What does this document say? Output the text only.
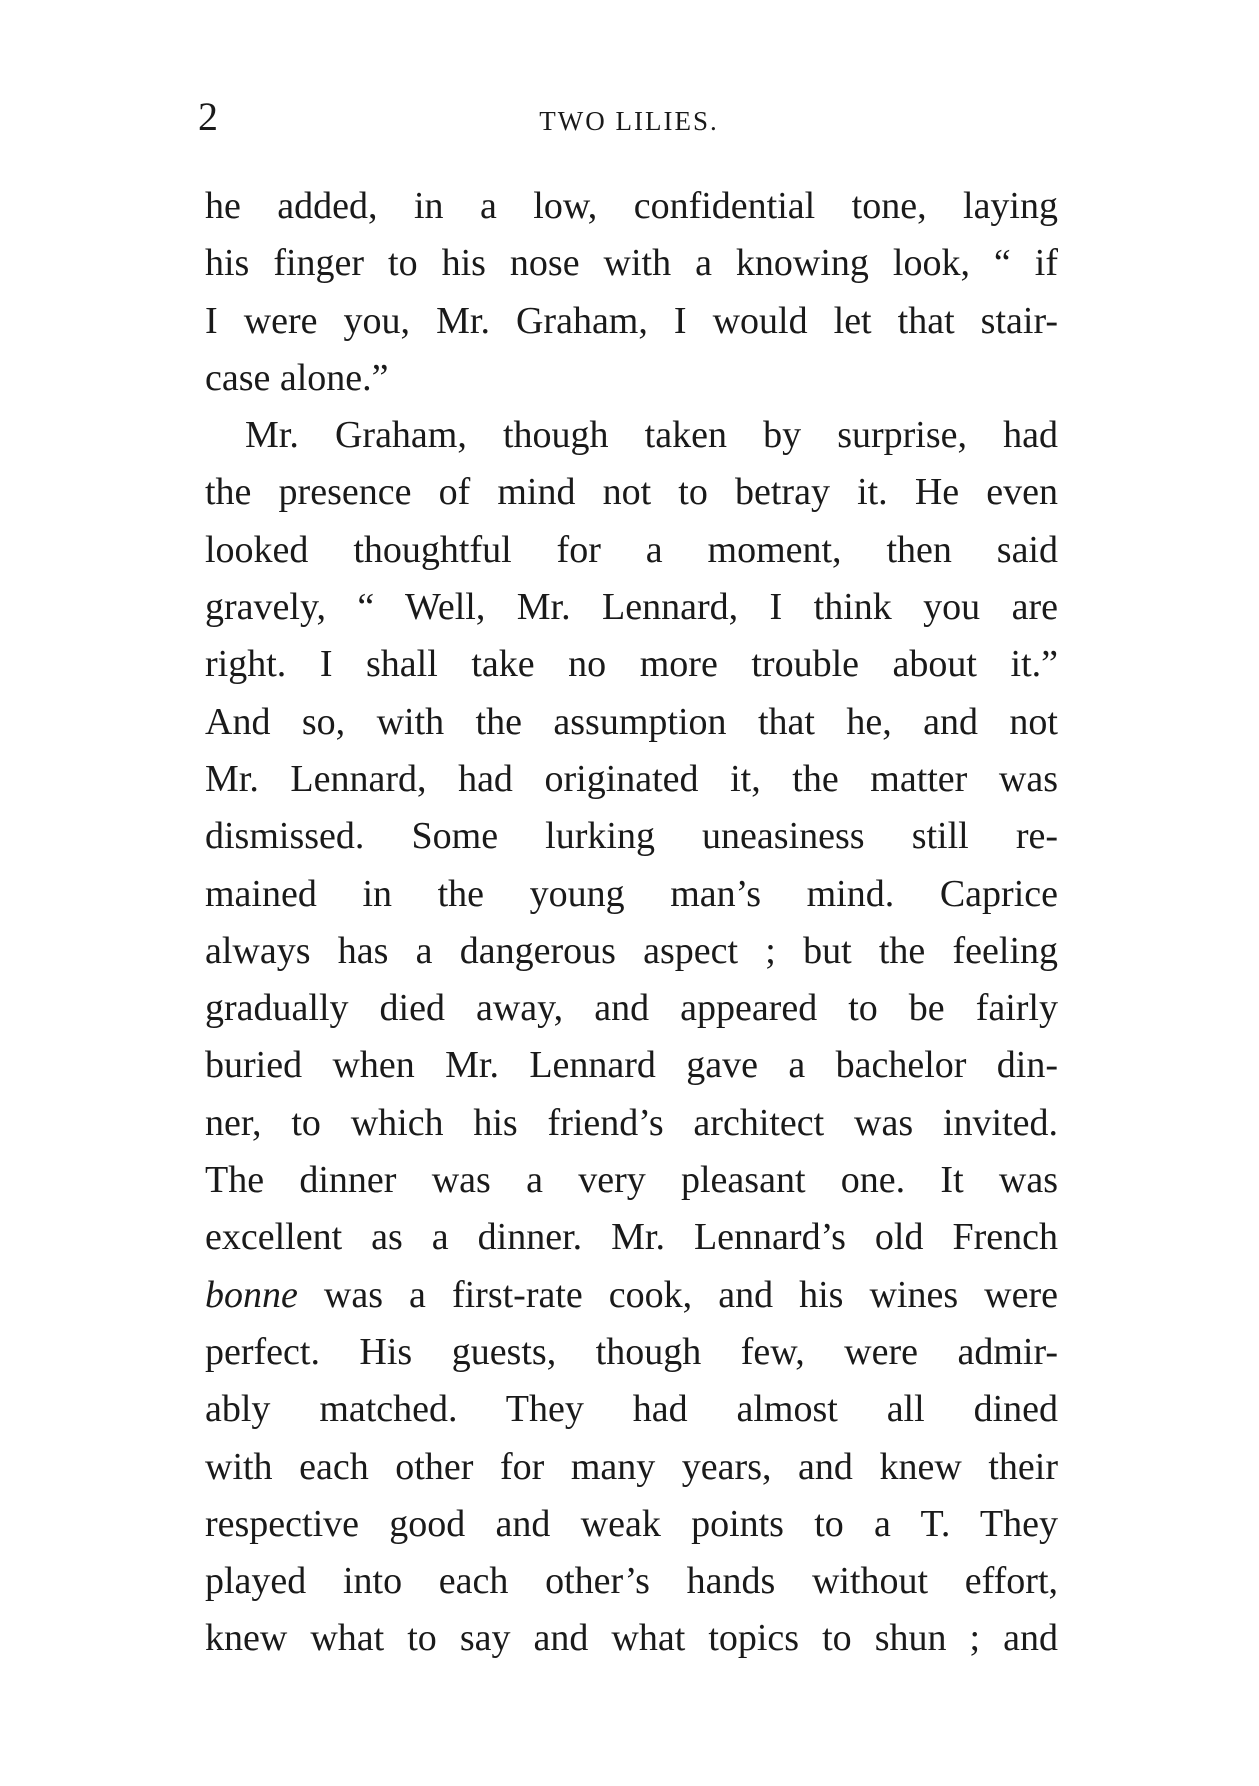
2	TWO LILIES.
he added, in a low, confidential tone, laying
his finger to his nose with a knowing look, “ if
I were you, Mr. Graham, I would let that stair-
case alone.”
Mr. Graham, though taken by surprise, had
the presence of mind not to betray it. He even
looked thoughtful for a moment, then said
gravely, “ Well, Mr. Lennard, I think you are
right. I shall take no more trouble about it.”
And so, with the assumption that he, and not
Mr. Lennard, had originated it, the matter was
dismissed. Some lurking uneasiness still re-
mained in the young man’s mind. Caprice
always has a dangerous aspect ; but the feeling
gradually died away, and appeared to be fairly
buried when Mr. Lennard gave a bachelor din-
ner, to which his friend’s architect was invited.
The dinner was a very pleasant one. It was
excellent as a dinner. Mr. Lennard’s old French
bonne was a first-rate cook, and his wines were
perfect. His guests, though few, were admir-
ably matched. They had almost all dined
with each other for many years, and knew their
respective good and weak points to a T. They
played into each other’s hands without effort,
knew what to say and what topics to shun ; and
